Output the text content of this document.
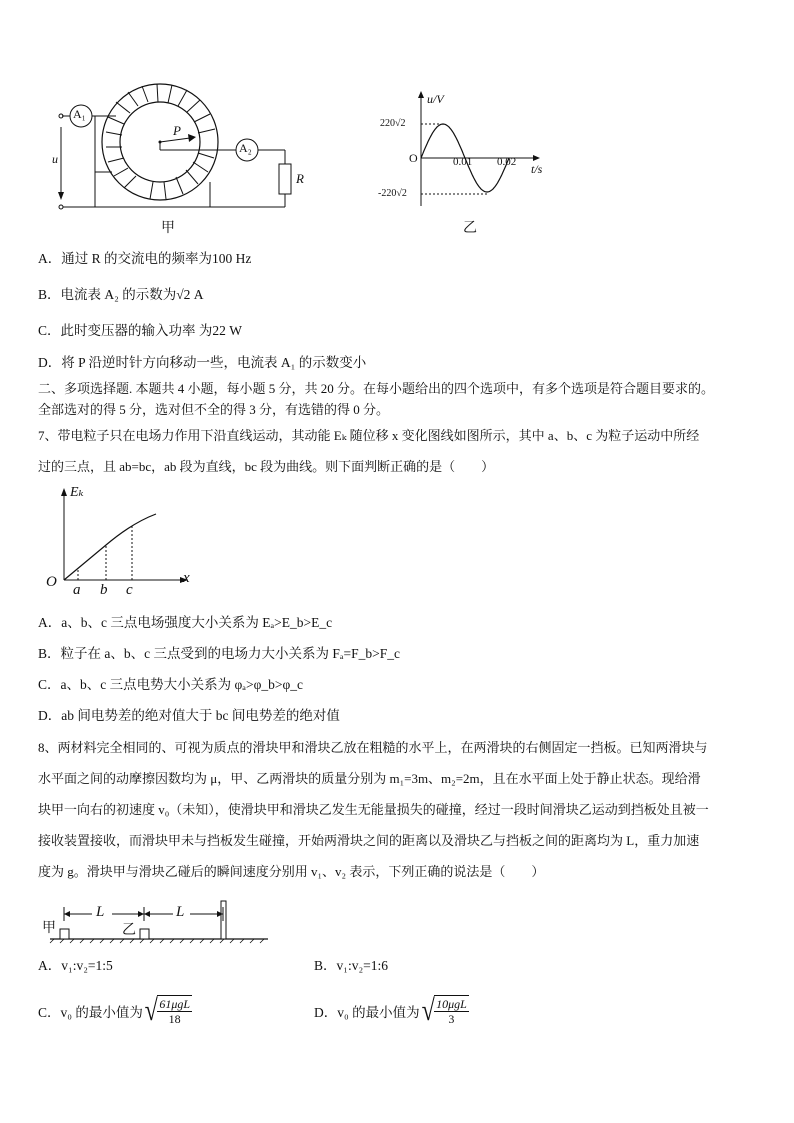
A₁
A₂
P
u
R
甲
u/V
t/s
O
220√2
-220√2
0.01 0.02
乙
A．通过 R 的交流电的频率为100 Hz
B．电流表 A₂ 的示数为√2 A
C．此时变压器的输入功率 为22 W
D．将 P 沿逆时针方向移动一些，电流表 A₁ 的示数变小
二、多项选择题. 本题共 4 小题，每小题 5 分，共 20 分。在每小题给出的四个选项中，有多个选项是符合题目要求的。
全部选对的得 5 分，选对但不全的得 3 分，有选错的得 0 分。
7、带电粒子只在电场力作用下沿直线运动，其动能 Eₖ 随位移 x 变化图线如图所示，其中 a、b、c 为粒子运动中所经
过的三点，且 ab=bc，ab 段为直线，bc 段为曲线。则下面判断正确的是（　　）
Eₖ
x
O a b c
A．a、b、c 三点电场强度大小关系为 Eₐ>E_b>E_c
B．粒子在 a、b、c 三点受到的电场力大小关系为 Fₐ=F_b>F_c
C．a、b、c 三点电势大小关系为 φₐ>φ_b>φ_c
D．ab 间电势差的绝对值大于 bc 间电势差的绝对值
8、两材料完全相同的、可视为质点的滑块甲和滑块乙放在粗糙的水平上，在两滑块的右侧固定一挡板。已知两滑块与
水平面之间的动摩擦因数均为 μ，甲、乙两滑块的质量分别为 m₁=3m、m₂=2m，且在水平面上处于静止状态。现给滑
块甲一向右的初速度 v₀（未知），使滑块甲和滑块乙发生无能量损失的碰撞，经过一段时间滑块乙运动到挡板处且被一
接收装置接收，而滑块甲未与挡板发生碰撞，开始两滑块之间的距离以及滑块乙与挡板之间的距离均为 L，重力加速
度为 g。滑块甲与滑块乙碰后的瞬间速度分别用 v₁、v₂ 表示，下列正确的说法是（　　）
甲	乙
L	L
A．v₁:v₂=1:5	B．v₁:v₂=1:6
C．v₀ 的最小值为 √ $\frac{\text{61μgL}}{18}$	D．v₀ 的最小值为 √ $\frac{\text{10μgL}}{3}$
